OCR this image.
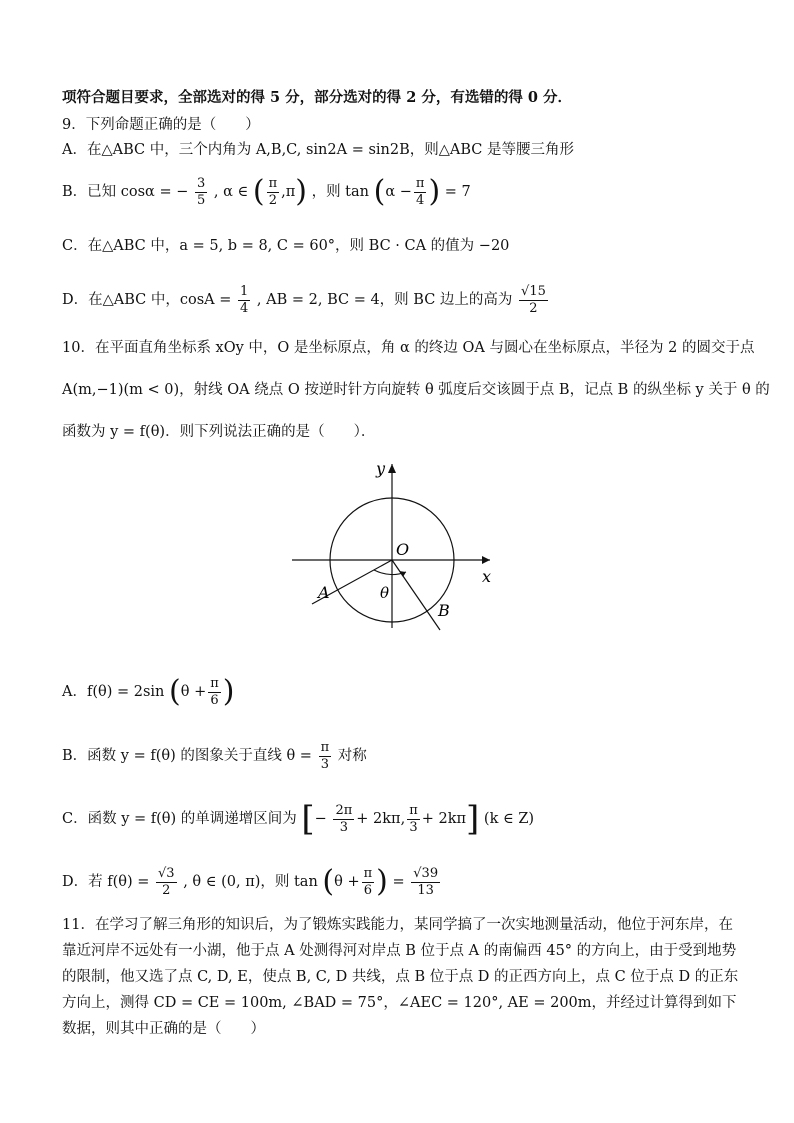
项符合题目要求，全部选对的得 5 分，部分选对的得 2 分，有选错的得 0 分．
9．下列命题正确的是（　　）
A．在△ABC 中，三个内角为 A,B,C, sin2A = sin2B，则△ABC 是等腰三角形
B．已知 cosα = − $\frac{3}{5}$ , α ∈ ( $\frac{\pi}{2} ,\pi$) ，则 $\tan (\alpha - \frac{\pi}{4}$ ) = 7
C．在△ABC 中，a = 5, b = 8, C = 60°，则 BC · CA 的值为 −20
D．在△ABC 中，$\cos A = \frac{1}{4}$ , AB = 2, BC = 4，则 BC 边上的高为 $\frac{√15}{2}$
10．在平面直角坐标系 xOy 中，O 是坐标原点，角 α 的终边 OA 与圆心在坐标原点，半径为 2 的圆交于点
A(m,−1)(m < 0)，射线 OA 绕点 O 按逆时针方向旋转 θ 弧度后交该圆于点 B，记点 B 的纵坐标 y 关于 θ 的
函数为 y = f(θ)．则下列说法正确的是（　　）．
y
x
O
A
B
θ
A．f(θ) = 2sin ($\theta + \frac{\pi}{6}$ )
B．函数 y = f(θ) 的图象关于直线 $\theta = \frac{\pi}{3}$ 对称
C．函数 y = f(θ) 的单调递增区间为 [− $\frac{2\pi}{3} + 2k\pi$, $\frac{\pi}{3} + 2k\pi$] (k ∈ Z)
D．若 $f(\theta) = \frac{√3}{2}$ , θ ∈ (0, π)，则 $\tan (\theta + \frac{\pi}{6}$ ) = $\frac{√39}{13}$
11．在学习了解三角形的知识后，为了锻炼实践能力，某同学搞了一次实地测量活动，他位于河东岸，在靠近河岸不远处有一小湖，他于点 A 处测得河对岸点 B 位于点 A 的南偏西 45° 的方向上，由于受到地势的限制，他又选了点 C, D, E，使点 B, C, D 共线，点 B 位于点 D 的正西方向上，点 C 位于点 D 的正东方向上，测得 CD = CE = 100m, ∠BAD = 75°，∠AEC = 120°, AE = 200m，并经过计算得到如下数据，则其中正确的是（　　）
